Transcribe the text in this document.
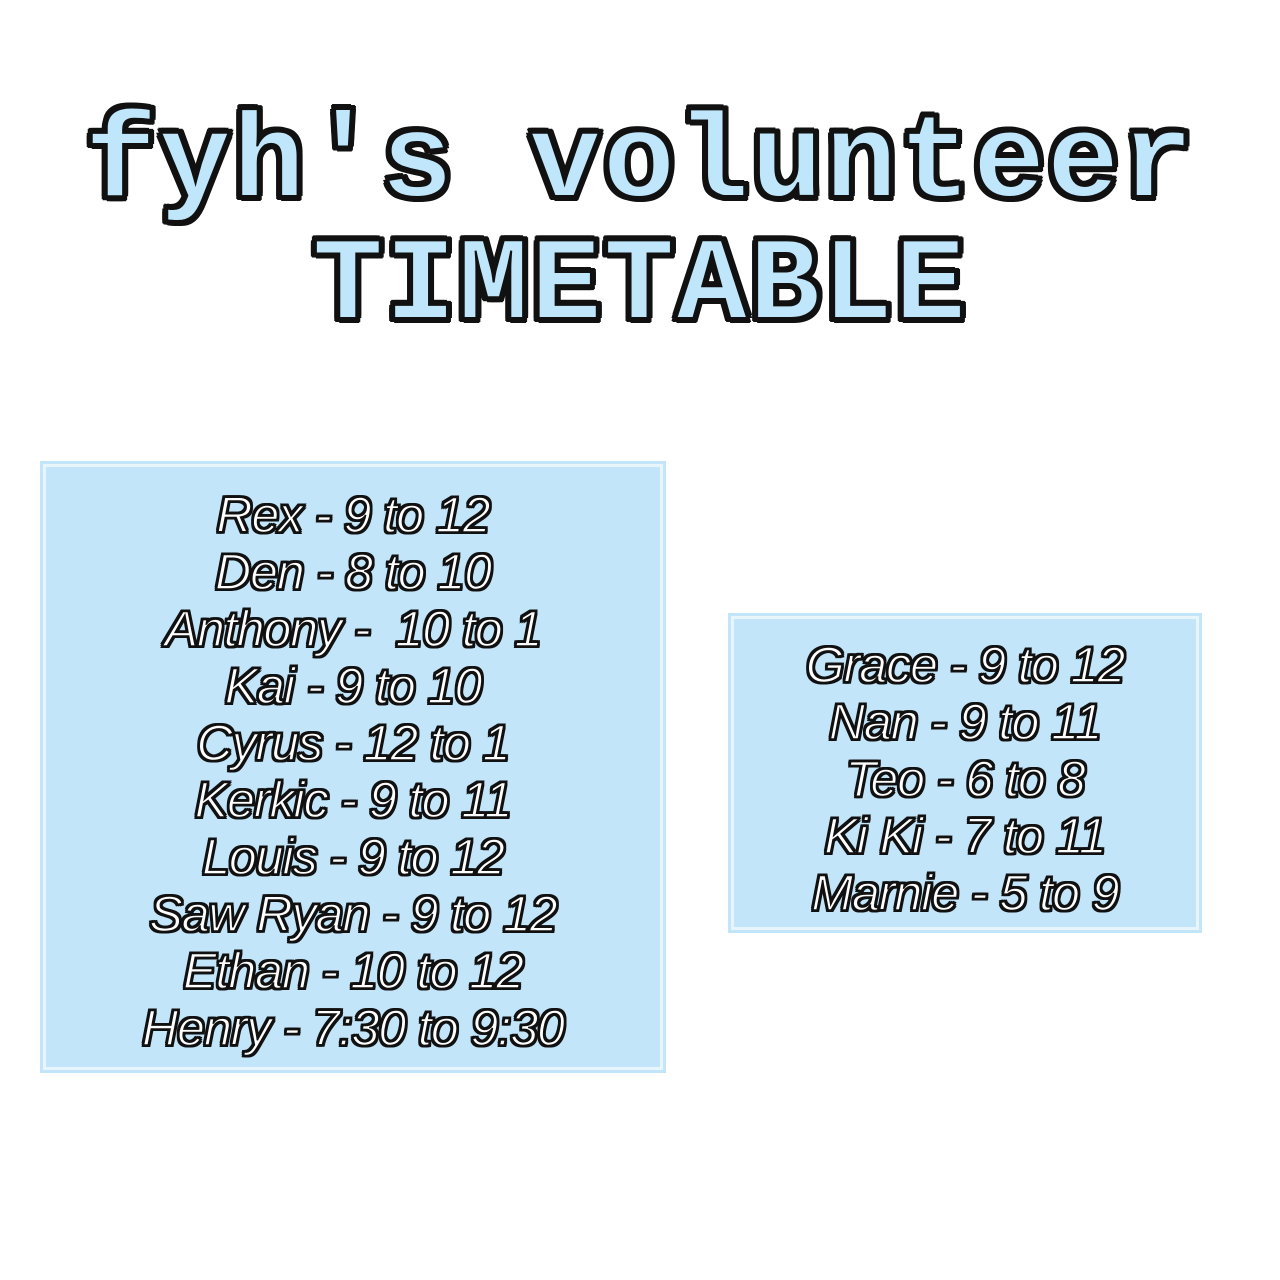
fyh's volunteer
TIMETABLE
Rex - 9 to 12
Den - 8 to 10
Anthony -  10 to 1
Kai - 9 to 10
Cyrus - 12 to 1
Kerkic - 9 to 11
Louis - 9 to 12
Saw Ryan - 9 to 12
Ethan - 10 to 12
Henry - 7:30 to 9:30
Grace - 9 to 12
Nan - 9 to 11
Teo - 6 to 8
Ki Ki - 7 to 11
Marnie - 5 to 9
